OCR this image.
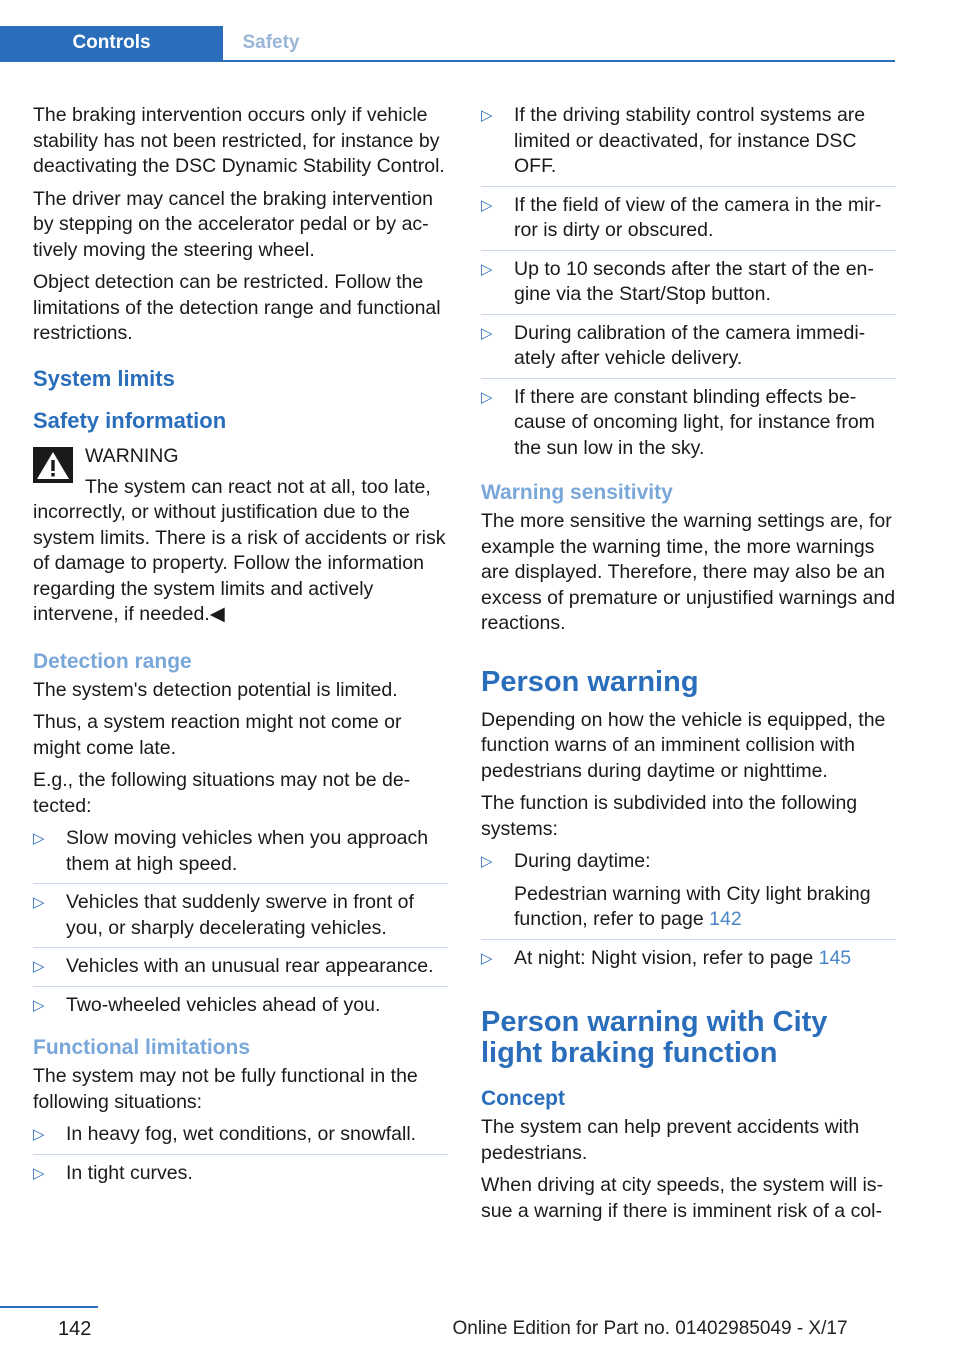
Controls	Safety

The braking intervention occurs only if vehicle stability has not been restricted, for instance by deactivating the DSC Dynamic Stability Control.

The driver may cancel the braking intervention by stepping on the accelerator pedal or by actively moving the steering wheel.

Object detection can be restricted. Follow the limitations of the detection range and functional restrictions.

System limits
Safety information
WARNING

The system can react not at all, too late, incorrectly, or without justification due to the system limits. There is a risk of accidents or risk of damage to property. Follow the information regarding the system limits and actively intervene, if needed.◀

Detection range

The system's detection potential is limited.

Thus, a system reaction might not come or might come late.

E.g., the following situations may not be detected:

▷ Slow moving vehicles when you approach them at high speed.
▷ Vehicles that suddenly swerve in front of you, or sharply decelerating vehicles.
▷ Vehicles with an unusual rear appearance.
▷ Two-wheeled vehicles ahead of you.
Functional limitations

The system may not be fully functional in the following situations:

▷ In heavy fog, wet conditions, or snowfall.
▷ In tight curves.
▷ If the driving stability control systems are limited or deactivated, for instance DSC OFF.
▷ If the field of view of the camera in the mirror is dirty or obscured.
▷ Up to 10 seconds after the start of the engine via the Start/Stop button.
▷ During calibration of the camera immediately after vehicle delivery.
▷ If there are constant blinding effects because of oncoming light, for instance from the sun low in the sky.
Warning sensitivity

The more sensitive the warning settings are, for example the warning time, the more warnings are displayed. Therefore, there may also be an excess of premature or unjustified warnings and reactions.

Person warning

Depending on how the vehicle is equipped, the function warns of an imminent collision with pedestrians during daytime or nighttime.

The function is subdivided into the following systems:

▷ During daytime:
Pedestrian warning with City light braking function, refer to page 142
▷ At night: Night vision, refer to page 145
Person warning with City light braking function
Concept

The system can help prevent accidents with pedestrians.

When driving at city speeds, the system will issue a warning if there is imminent risk of a col-

142	Online Edition for Part no. 01402985049 - X/17
